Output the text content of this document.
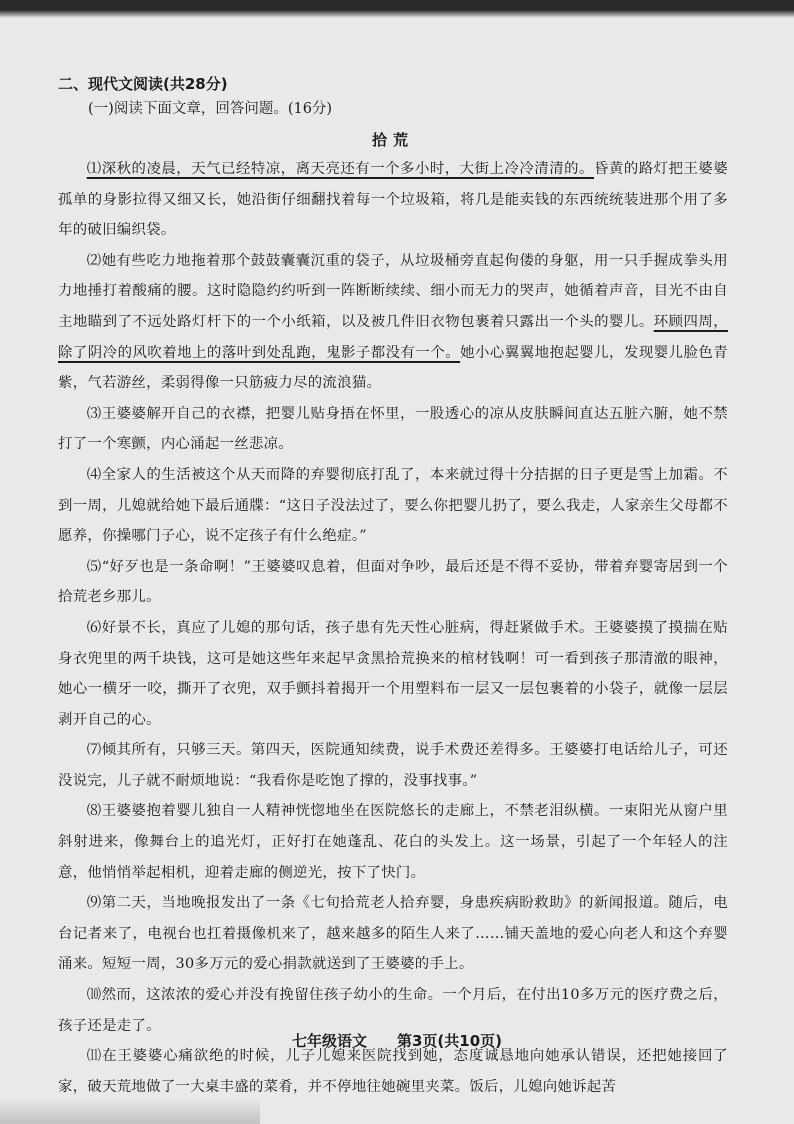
二、现代文阅读(共28分)
(一)阅读下面文章，回答问题。(16分)
拾荒

⑴深秋的凌晨，天气已经特凉，离天亮还有一个多小时，大街上冷冷清清的。昏黄的路灯把王婆婆孤单的身影拉得又细又长，她沿街仔细翻找着每一个垃圾箱，将几是能卖钱的东西统统装进那个用了多年的破旧编织袋。

⑵她有些吃力地拖着那个鼓鼓囊囊沉重的袋子，从垃圾桶旁直起佝偻的身躯，用一只手握成拳头用力地捶打着酸痛的腰。这时隐隐约约听到一阵断断续续、细小而无力的哭声，她循着声音，目光不由自主地瞄到了不远处路灯杆下的一个小纸箱，以及被几件旧衣物包裹着只露出一个头的婴儿。环顾四周，除了阴冷的风吹着地上的落叶到处乱跑，鬼影子都没有一个。她小心翼翼地抱起婴儿，发现婴儿脸色青紫，气若游丝，柔弱得像一只筋疲力尽的流浪猫。

⑶王婆婆解开自己的衣襟，把婴儿贴身捂在怀里，一股透心的凉从皮肤瞬间直达五脏六腑，她不禁打了一个寒颤，内心涌起一丝悲凉。

⑷全家人的生活被这个从天而降的弃婴彻底打乱了，本来就过得十分拮据的日子更是雪上加霜。不到一周，儿媳就给她下最后通牒：“这日子没法过了，要么你把婴儿扔了，要么我走，人家亲生父母都不愿养，你操哪门子心，说不定孩子有什么绝症。”

⑸“好歹也是一条命啊！”王婆婆叹息着，但面对争吵，最后还是不得不妥协，带着弃婴寄居到一个拾荒老乡那儿。

⑹好景不长，真应了儿媳的那句话，孩子患有先天性心脏病，得赶紧做手术。王婆婆摸了摸揣在贴身衣兜里的两千块钱，这可是她这些年来起早贪黑拾荒换来的棺材钱啊！可一看到孩子那清澈的眼神，她心一横牙一咬，撕开了衣兜，双手颤抖着揭开一个用塑料布一层又一层包裹着的小袋子，就像一层层剥开自己的心。

⑺倾其所有，只够三天。第四天，医院通知续费，说手术费还差得多。王婆婆打电话给儿子，可还没说完，儿子就不耐烦地说：“我看你是吃饱了撑的，没事找事。”

⑻王婆婆抱着婴儿独自一人精神恍惚地坐在医院悠长的走廊上，不禁老泪纵横。一束阳光从窗户里斜射进来，像舞台上的追光灯，正好打在她蓬乱、花白的头发上。这一场景，引起了一个年轻人的注意，他悄悄举起相机，迎着走廊的侧逆光，按下了快门。

⑼第二天，当地晚报发出了一条《七旬拾荒老人拾弃婴，身患疾病盼救助》的新闻报道。随后，电台记者来了，电视台也扛着摄像机来了，越来越多的陌生人来了……铺天盖地的爱心向老人和这个弃婴涌来。短短一周，30多万元的爱心捐款就送到了王婆婆的手上。

⑽然而，这浓浓的爱心并没有挽留住孩子幼小的生命。一个月后，在付出10多万元的医疗费之后，孩子还是走了。

⑾在王婆婆心痛欲绝的时候，儿子儿媳来医院找到她，态度诚恳地向她承认错误，还把她接回了家，破天荒地做了一大桌丰盛的菜肴，并不停地往她碗里夹菜。饭后，儿媳向她诉起苦

七年级语文 第3页(共10页)
